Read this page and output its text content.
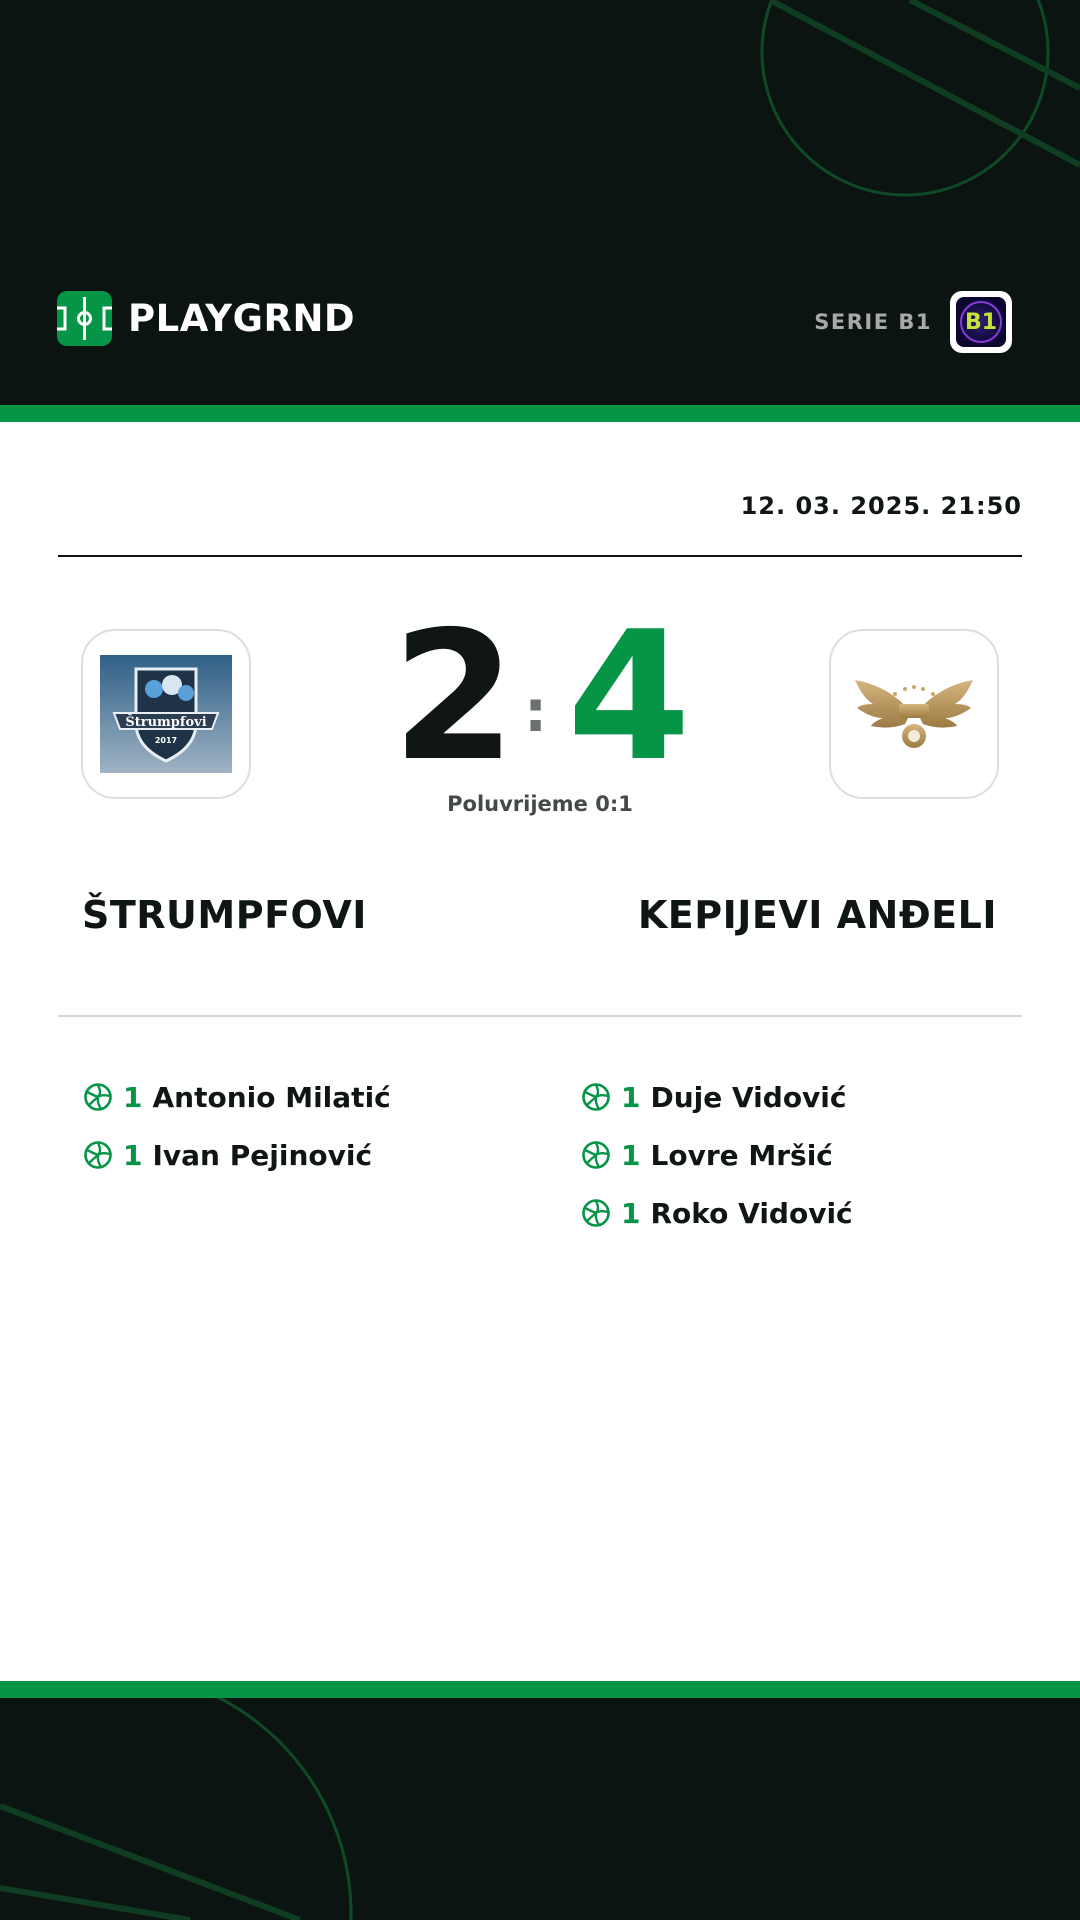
PLAYGRND	SERIE B1 B1
12. 03. 2025. 21:50
Štrumpfovi
2017 2 : 4
Poluvrijeme 0:1
ŠTRUMPFOVI	KEPIJEVI ANĐELI
1 Antonio Milatić
1 Ivan Pejinović
1 Duje Vidović
1 Lovre Mršić
1 Roko Vidović
